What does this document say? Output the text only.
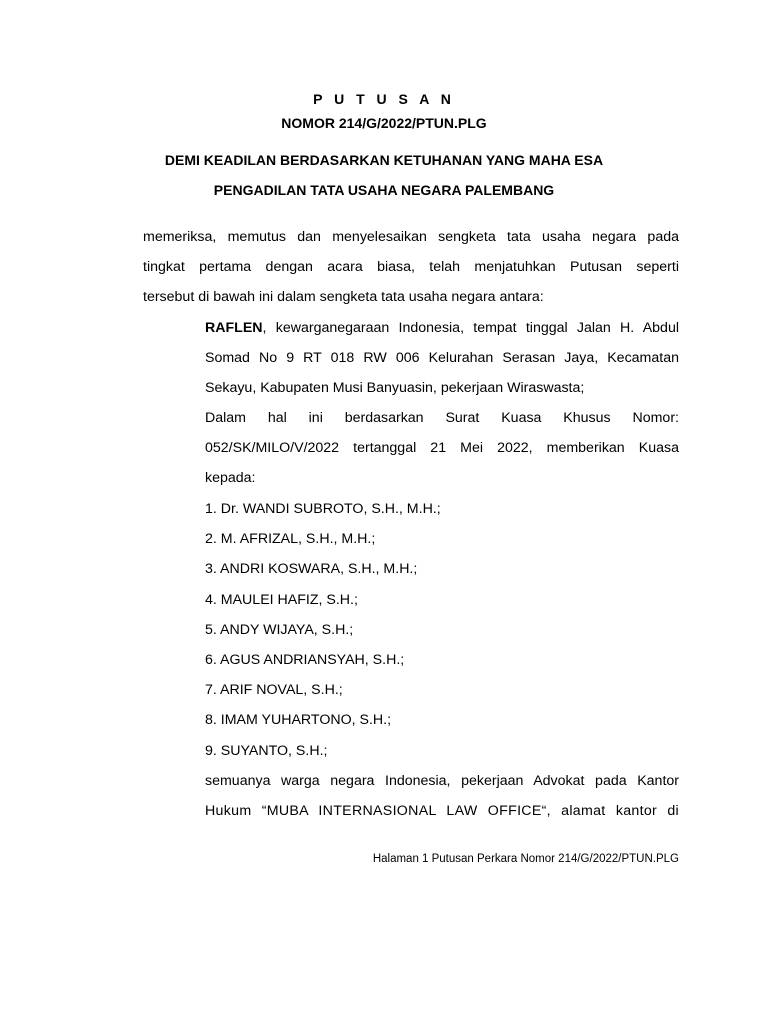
P U T U S A N
NOMOR 214/G/2022/PTUN.PLG
DEMI KEADILAN BERDASARKAN KETUHANAN YANG MAHA ESA
PENGADILAN TATA USAHA NEGARA PALEMBANG
memeriksa, memutus dan menyelesaikan sengketa tata usaha negara pada
tingkat pertama dengan acara biasa, telah menjatuhkan Putusan seperti
tersebut di bawah ini dalam sengketa tata usaha negara antara:
RAFLEN, kewarganegaraan Indonesia, tempat tinggal Jalan H. Abdul
Somad No 9 RT 018 RW 006 Kelurahan Serasan Jaya, Kecamatan
Sekayu, Kabupaten Musi Banyuasin, pekerjaan Wiraswasta;
Dalam hal ini berdasarkan Surat Kuasa Khusus Nomor:
052/SK/MILO/V/2022 tertanggal 21 Mei 2022, memberikan Kuasa
kepada:
1. Dr. WANDI SUBROTO, S.H., M.H.;
2. M. AFRIZAL, S.H., M.H.;
3. ANDRI KOSWARA, S.H., M.H.;
4. MAULEI HAFIZ, S.H.;
5. ANDY WIJAYA, S.H.;
6. AGUS ANDRIANSYAH, S.H.;
7. ARIF NOVAL, S.H.;
8. IMAM YUHARTONO, S.H.;
9. SUYANTO, S.H.;
semuanya warga negara Indonesia, pekerjaan Advokat pada Kantor
Hukum “MUBA INTERNASIONAL LAW OFFICE“, alamat kantor di
Halaman 1 Putusan Perkara Nomor 214/G/2022/PTUN.PLG
